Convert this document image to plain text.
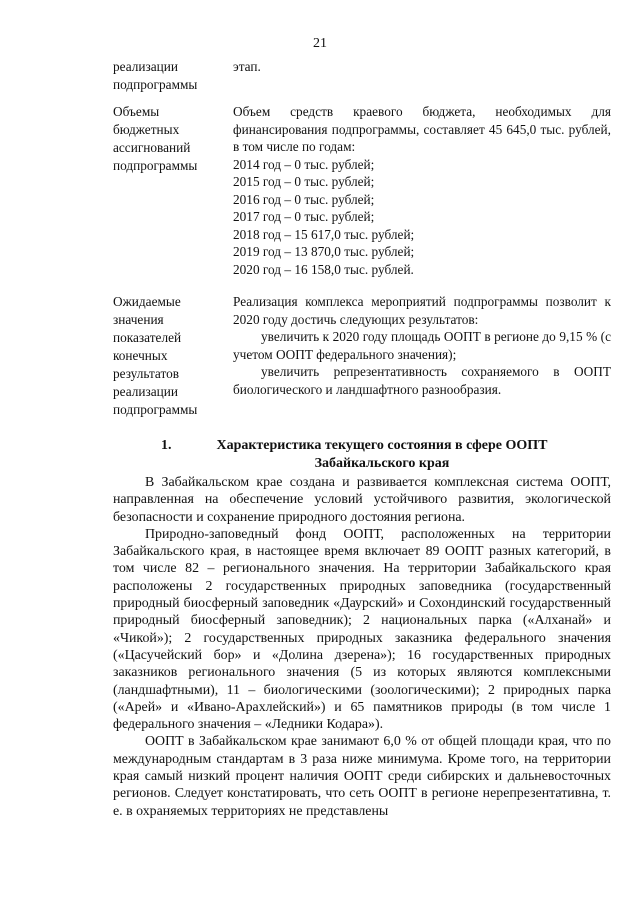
21
реализации
подпрограммы
этап.
Объемы
бюджетных
ассигнований
подпрограммы
Объем средств краевого бюджета, необходимых для финансирования подпрограммы, составляет 45 645,0 тыс. рублей, в том числе по годам:
2014 год – 0 тыс. рублей;
2015 год – 0 тыс. рублей;
2016 год – 0 тыс. рублей;
2017 год – 0 тыс. рублей;
2018 год – 15 617,0 тыс. рублей;
2019 год – 13 870,0 тыс. рублей;
2020 год – 16 158,0 тыс. рублей.
Ожидаемые
значения
показателей
конечных
результатов
реализации
подпрограммы
Реализация комплекса мероприятий подпрограммы позволит к 2020 году достичь следующих результатов:
увеличить к 2020 году площадь ООПТ в регионе до 9,15 % (с учетом ООПТ федерального значения);
увеличить репрезентативность сохраняемого в ООПТ биологического и ландшафтного разнообразия.
1.	Характеристика текущего состояния в сфере ООПТ
Забайкальского края

В Забайкальском крае создана и развивается комплексная система ООПТ, направленная на обеспечение условий устойчивого развития, экологической безопасности и сохранение природного достояния региона.

Природно-заповедный фонд ООПТ, расположенных на территории Забайкальского края, в настоящее время включает 89 ООПТ разных категорий, в том числе 82 – регионального значения. На территории Забайкальского края расположены 2 государственных природных заповедника (государственный природный биосферный заповедник «Даурский» и Сохондинский государственный природный биосферный заповедник); 2 национальных парка («Алханай» и «Чикой»); 2 государственных природных заказника федерального значения («Цасучейский бор» и «Долина дзерена»); 16 государственных природных заказников регионального значения (5 из которых являются комплексными (ландшафтными), 11 – биологическими (зоологическими); 2 природных парка («Арей» и «Ивано-Арахлейский») и 65 памятников природы (в том числе 1 федерального значения – «Ледники Кодара»).

ООПТ в Забайкальском крае занимают 6,0 % от общей площади края, что по международным стандартам в 3 раза ниже минимума. Кроме того, на территории края самый низкий процент наличия ООПТ среди сибирских и дальневосточных регионов. Следует констатировать, что сеть ООПТ в регионе нерепрезентативна, т. е. в охраняемых территориях не представлены
